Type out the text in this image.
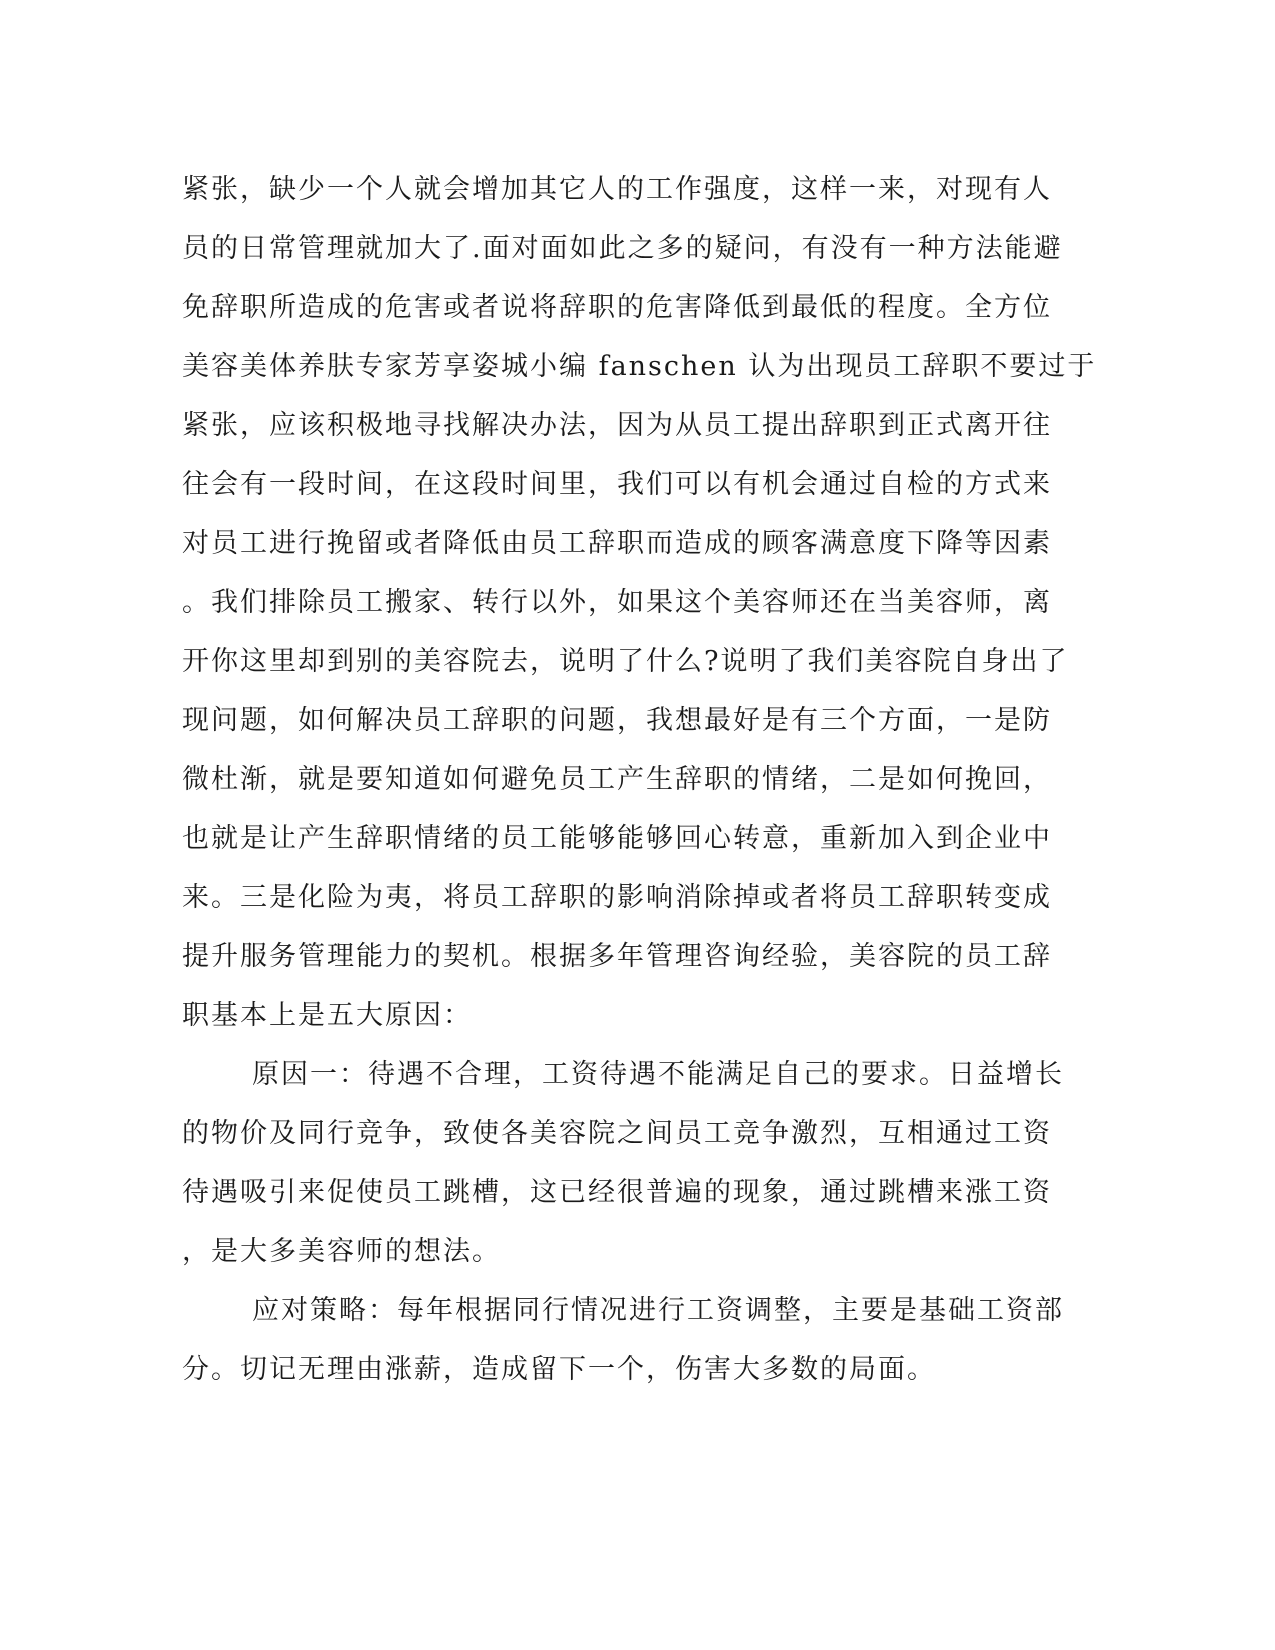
紧张，缺少一个人就会增加其它人的工作强度，这样一来，对现有人
员的日常管理就加大了.面对面如此之多的疑问，有没有一种方法能避
免辞职所造成的危害或者说将辞职的危害降低到最低的程度。全方位
美容美体养肤专家芳享姿城小编 fanschen 认为出现员工辞职不要过于
紧张，应该积极地寻找解决办法，因为从员工提出辞职到正式离开往
往会有一段时间，在这段时间里，我们可以有机会通过自检的方式来
对员工进行挽留或者降低由员工辞职而造成的顾客满意度下降等因素
。我们排除员工搬家、转行以外，如果这个美容师还在当美容师，离
开你这里却到别的美容院去，说明了什么?说明了我们美容院自身出了
现问题，如何解决员工辞职的问题，我想最好是有三个方面，一是防
微杜渐，就是要知道如何避免员工产生辞职的情绪，二是如何挽回，
也就是让产生辞职情绪的员工能够能够回心转意，重新加入到企业中
来。三是化险为夷，将员工辞职的影响消除掉或者将员工辞职转变成
提升服务管理能力的契机。根据多年管理咨询经验，美容院的员工辞
职基本上是五大原因：
原因一：待遇不合理，工资待遇不能满足自己的要求。日益增长
的物价及同行竞争，致使各美容院之间员工竞争激烈，互相通过工资
待遇吸引来促使员工跳槽，这已经很普遍的现象，通过跳槽来涨工资
，是大多美容师的想法。
应对策略：每年根据同行情况进行工资调整，主要是基础工资部
分。切记无理由涨薪，造成留下一个，伤害大多数的局面。
